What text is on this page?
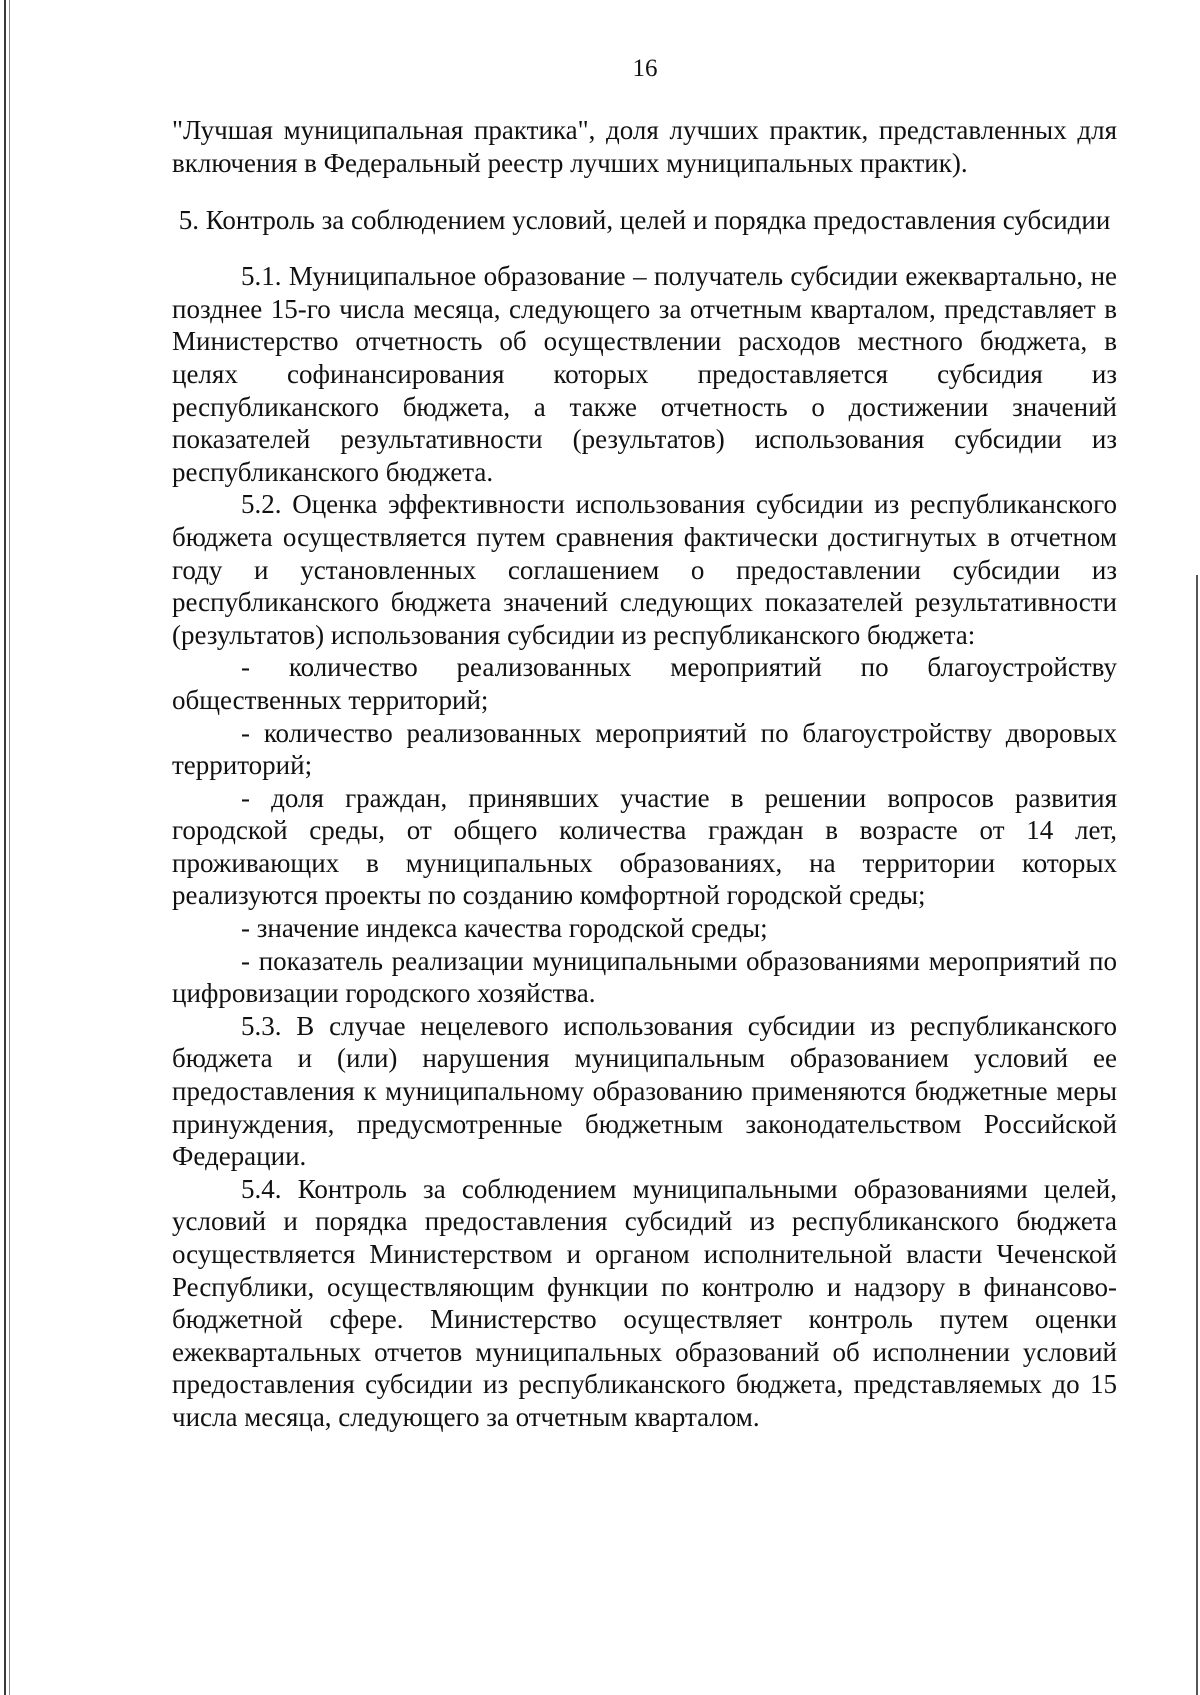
16

"Лучшая муниципальная практика", доля лучших практик, представленных для включения в Федеральный реестр лучших муниципальных практик).

5. Контроль за соблюдением условий, целей и порядка предоставления субсидии

5.1. Муниципальное образование – получатель субсидии ежеквартально, не позднее 15-го числа месяца, следующего за отчетным кварталом, представляет в Министерство отчетность об осуществлении расходов местного бюджета, в целях софинансирования которых предоставляется субсидия из республиканского бюджета, а также отчетность о достижении значений показателей результативности (результатов) использования субсидии из республиканского бюджета.

5.2. Оценка эффективности использования субсидии из республиканского бюджета осуществляется путем сравнения фактически достигнутых в отчетном году и установленных соглашением о предоставлении субсидии из республиканского бюджета значений следующих показателей результативности (результатов) использования субсидии из республиканского бюджета:

- количество реализованных мероприятий по благоустройству общественных территорий;

- количество реализованных мероприятий по благоустройству дворовых территорий;

- доля граждан, принявших участие в решении вопросов развития городской среды, от общего количества граждан в возрасте от 14 лет, проживающих в муниципальных образованиях, на территории которых реализуются проекты по созданию комфортной городской среды;

- значение индекса качества городской среды;

- показатель реализации муниципальными образованиями мероприятий по цифровизации городского хозяйства.

5.3. В случае нецелевого использования субсидии из республиканского бюджета и (или) нарушения муниципальным образованием условий ее предоставления к муниципальному образованию применяются бюджетные меры принуждения, предусмотренные бюджетным законодательством Российской Федерации.

5.4. Контроль за соблюдением муниципальными образованиями целей, условий и порядка предоставления субсидий из республиканского бюджета осуществляется Министерством и органом исполнительной власти Чеченской Республики, осуществляющим функции по контролю и надзору в финансово-бюджетной сфере. Министерство осуществляет контроль путем оценки ежеквартальных отчетов муниципальных образований об исполнении условий предоставления субсидии из республиканского бюджета, представляемых до 15 числа месяца, следующего за отчетным кварталом.
